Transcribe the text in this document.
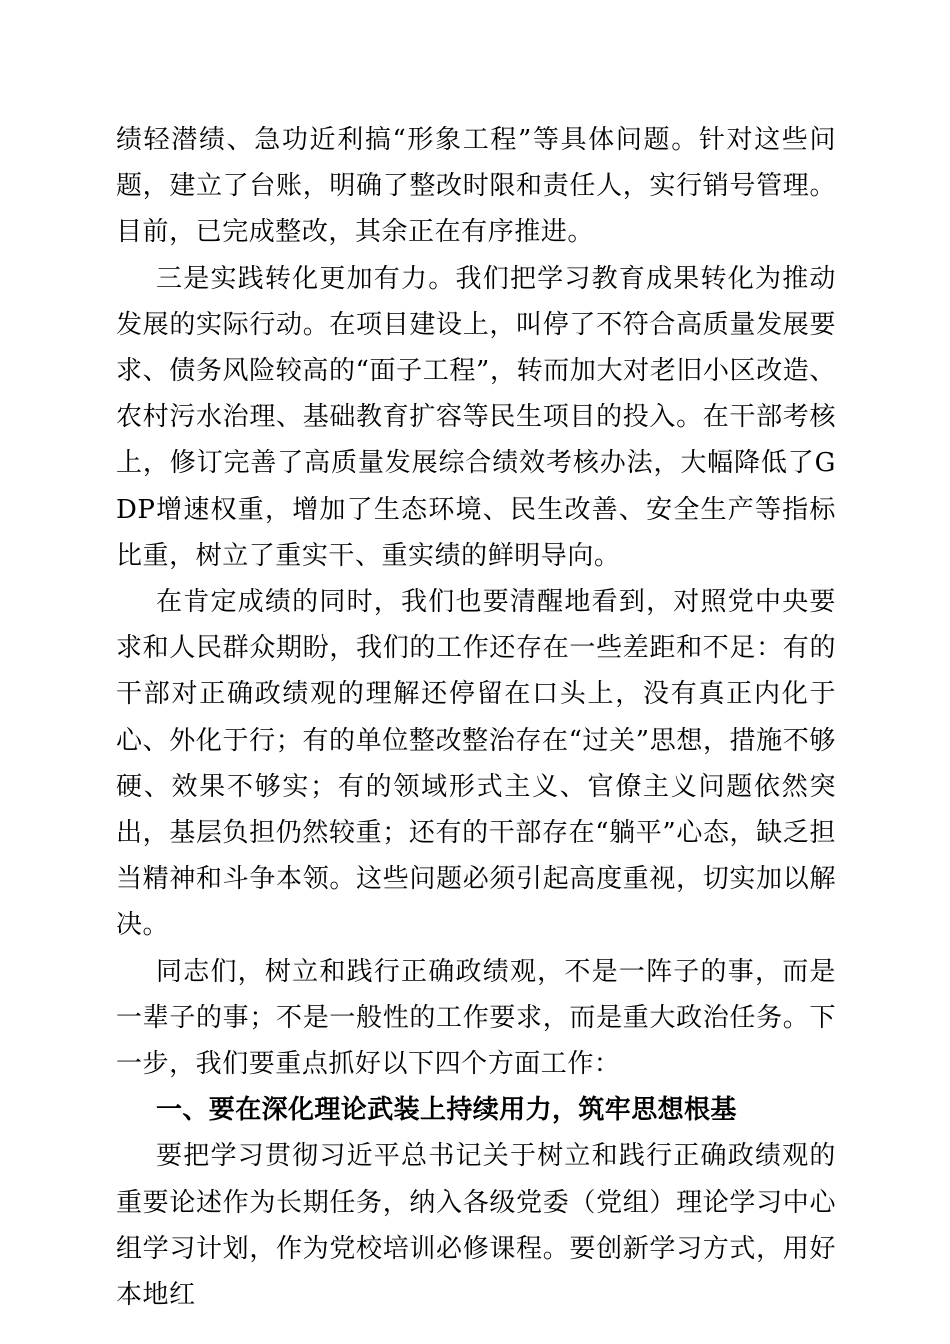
绩轻潜绩、急功近利搞“形象工程”等具体问题。针对这些问题，建立了台账，明确了整改时限和责任人，实行销号管理。目前，已完成整改，其余正在有序推进。

三是实践转化更加有力。我们把学习教育成果转化为推动发展的实际行动。在项目建设上，叫停了不符合高质量发展要求、债务风险较高的“面子工程”，转而加大对老旧小区改造、农村污水治理、基础教育扩容等民生项目的投入。在干部考核上，修订完善了高质量发展综合绩效考核办法，大幅降低了GDP增速权重，增加了生态环境、民生改善、安全生产等指标比重，树立了重实干、重实绩的鲜明导向。

在肯定成绩的同时，我们也要清醒地看到，对照党中央要求和人民群众期盼，我们的工作还存在一些差距和不足：有的干部对正确政绩观的理解还停留在口头上，没有真正内化于心、外化于行；有的单位整改整治存在“过关”思想，措施不够硬、效果不够实；有的领域形式主义、官僚主义问题依然突出，基层负担仍然较重；还有的干部存在“躺平”心态，缺乏担当精神和斗争本领。这些问题必须引起高度重视，切实加以解决。

同志们，树立和践行正确政绩观，不是一阵子的事，而是一辈子的事；不是一般性的工作要求，而是重大政治任务。下一步，我们要重点抓好以下四个方面工作：

一、要在深化理论武装上持续用力，筑牢思想根基

要把学习贯彻习近平总书记关于树立和践行正确政绩观的重要论述作为长期任务，纳入各级党委（党组）理论学习中心组学习计划，作为党校培训必修课程。要创新学习方式，用好本地红
